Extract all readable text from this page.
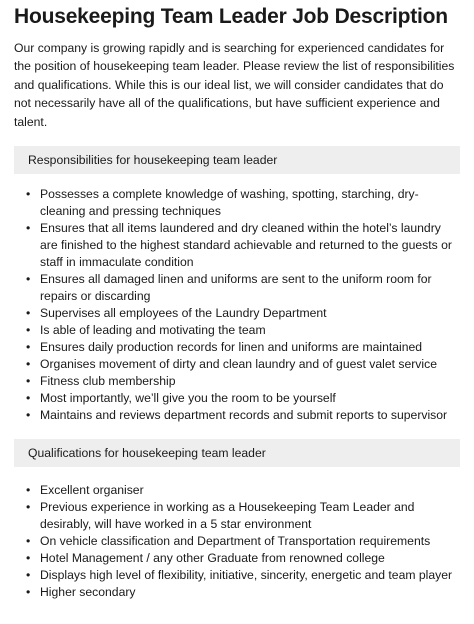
Housekeeping Team Leader Job Description

Our company is growing rapidly and is searching for experienced candidates for the position of housekeeping team leader. Please review the list of responsibilities and qualifications. While this is our ideal list, we will consider candidates that do not necessarily have all of the qualifications, but have sufficient experience and talent.

Responsibilities for housekeeping team leader
• Possesses a complete knowledge of washing, spotting, starching, dry-cleaning and pressing techniques
• Ensures that all items laundered and dry cleaned within the hotel’s laundry are finished to the highest standard achievable and returned to the guests or staff in immaculate condition
• Ensures all damaged linen and uniforms are sent to the uniform room for repairs or discarding
• Supervises all employees of the Laundry Department
• Is able of leading and motivating the team
• Ensures daily production records for linen and uniforms are maintained
• Organises movement of dirty and clean laundry and of guest valet service
• Fitness club membership
• Most importantly, we’ll give you the room to be yourself
• Maintains and reviews department records and submit reports to supervisor
Qualifications for housekeeping team leader
• Excellent organiser
• Previous experience in working as a Housekeeping Team Leader and desirably, will have worked in a 5 star environment
• On vehicle classification and Department of Transportation requirements
• Hotel Management / any other Graduate from renowned college
• Displays high level of flexibility, initiative, sincerity, energetic and team player
• Higher secondary
